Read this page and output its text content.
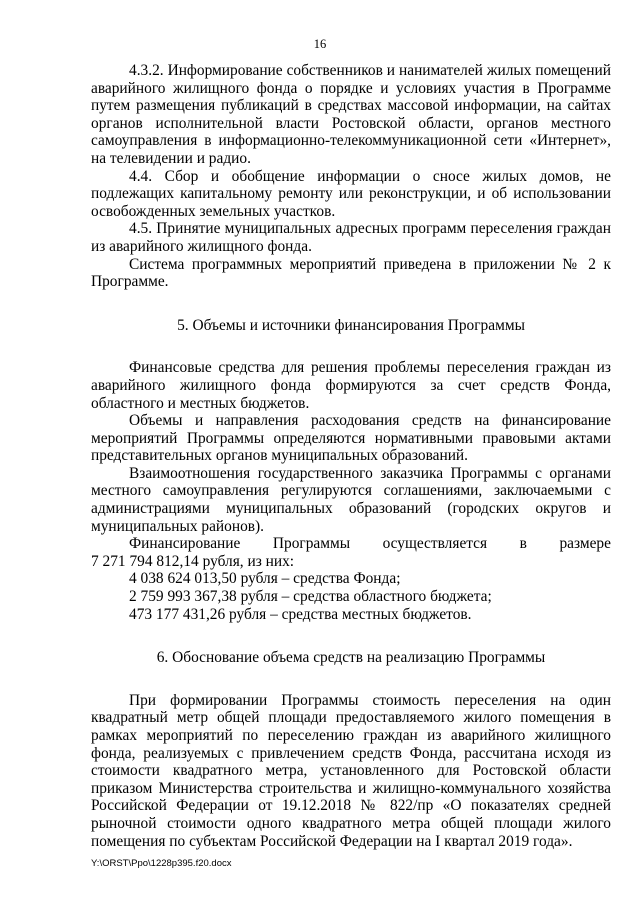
16

4.3.2. Информирование собственников и нанимателей жилых помещений аварийного жилищного фонда о порядке и условиях участия в Программе путем размещения публикаций в средствах массовой информации, на сайтах органов исполнительной власти Ростовской области, органов местного самоуправления в информационно-телекоммуникационной сети «Интернет», на телевидении и радио.

4.4. Сбор и обобщение информации о сносе жилых домов, не подлежащих капитальному ремонту или реконструкции, и об использовании освобожденных земельных участков.

4.5. Принятие муниципальных адресных программ переселения граждан из аварийного жилищного фонда.

Система программных мероприятий приведена в приложении № 2 к Программе.

5. Объемы и источники финансирования Программы

Финансовые средства для решения проблемы переселения граждан из аварийного жилищного фонда формируются за счет средств Фонда, областного и местных бюджетов.

Объемы и направления расходования средств на финансирование мероприятий Программы определяются нормативными правовыми актами представительных органов муниципальных образований.

Взаимоотношения государственного заказчика Программы с органами местного самоуправления регулируются соглашениями, заключаемыми с администрациями муниципальных образований (городских округов и муниципальных районов).

Финансирование Программы осуществляется в размере

7 271 794 812,14 рубля, из них:

4 038 624 013,50 рубля – средства Фонда;

2 759 993 367,38 рубля – средства областного бюджета;

473 177 431,26 рубля – средства местных бюджетов.

6. Обоснование объема средств на реализацию Программы

При формировании Программы стоимость переселения на один квадратный метр общей площади предоставляемого жилого помещения в рамках мероприятий по переселению граждан из аварийного жилищного фонда, реализуемых с привлечением средств Фонда, рассчитана исходя из стоимости квадратного метра, установленного для Ростовской области приказом Министерства строительства и жилищно-коммунального хозяйства Российской Федерации от 19.12.2018 № 822/пр «О показателях средней рыночной стоимости одного квадратного метра общей площади жилого помещения по субъектам Российской Федерации на I квартал 2019 года».

Y:\ORST\Ppo\1228p395.f20.docx
